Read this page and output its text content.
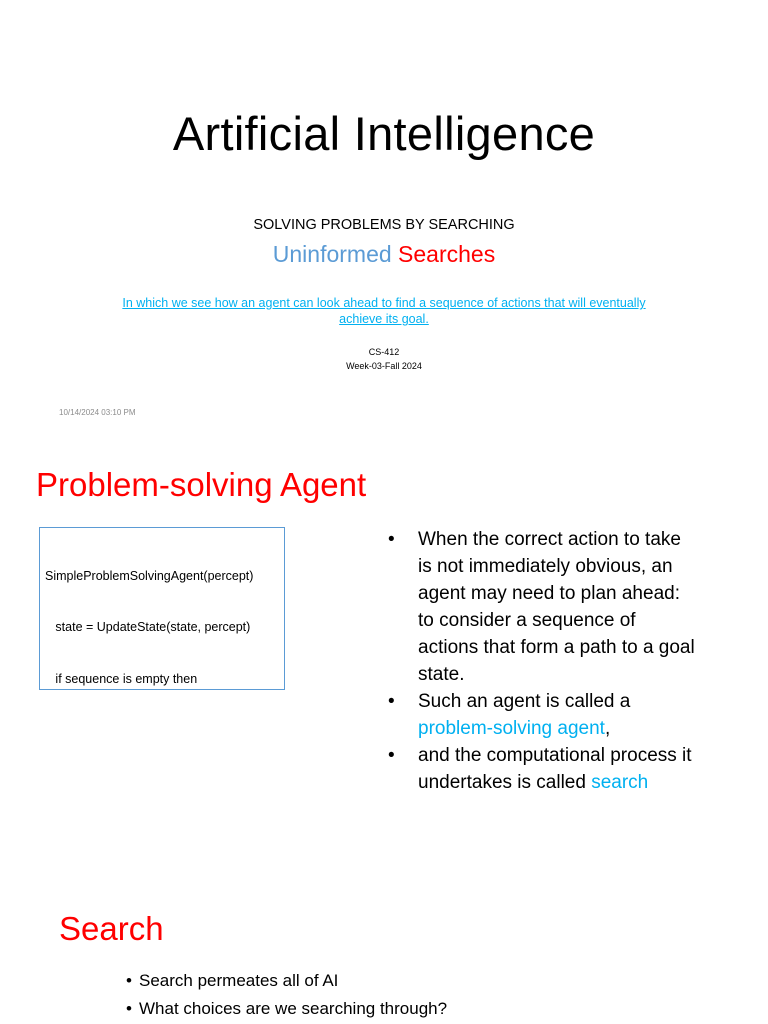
Artificial Intelligence
SOLVING PROBLEMS BY SEARCHING
Uninformed Searches
In which we see how an agent can look ahead to find a sequence of actions that will eventually
achieve its goal.
CS-412
Week-03-Fall 2024
10/14/2024 03:10 PM
Problem-solving Agent

SimpleProblemSolvingAgent(percept)

state = UpdateState(state, percept)

if sequence is empty then

• When the correct action to take is not immediately obvious, an agent may need to plan ahead: to consider a sequence of actions that form a path to a goal state.
• Such an agent is called a problem-solving agent,
• and the computational process it undertakes is called search
Search
• Search permeates all of AI
• What choices are we searching through?
